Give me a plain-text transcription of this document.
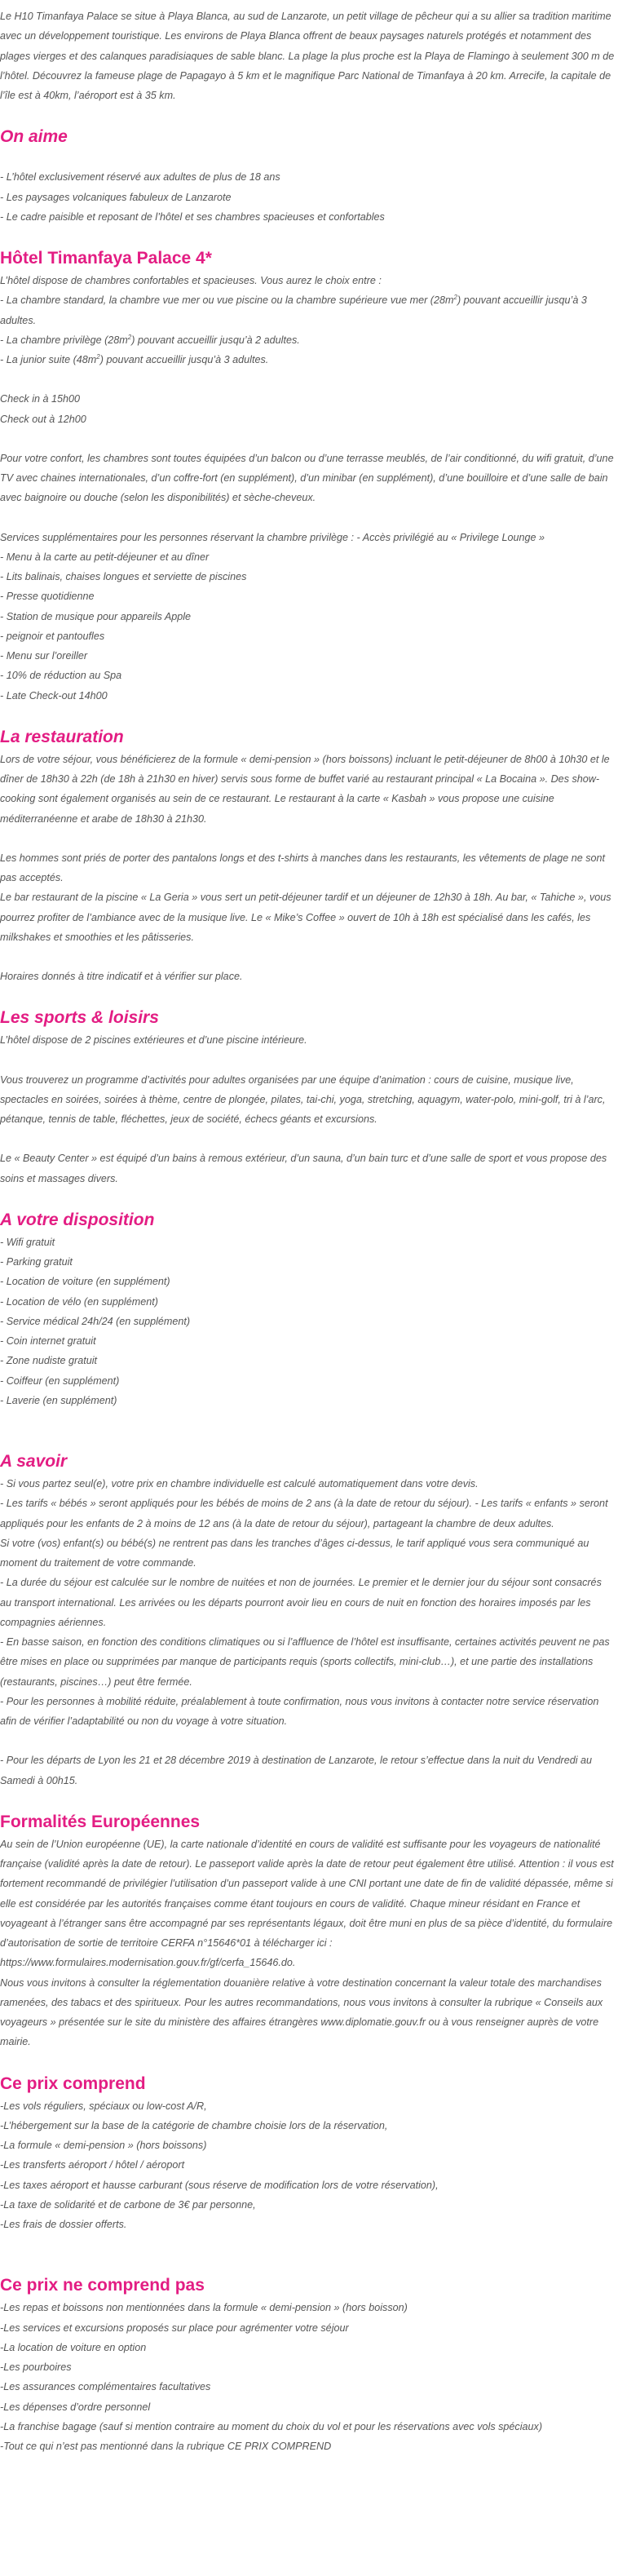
Le H10 Timanfaya Palace se situe à Playa Blanca, au sud de Lanzarote, un petit village de pêcheur qui a su allier sa tradition maritime avec un développement touristique. Les environs de Playa Blanca offrent de beaux paysages naturels protégés et notamment des plages vierges et des calanques paradisiaques de sable blanc. La plage la plus proche est la Playa de Flamingo à seulement 300 m de l’hôtel. Découvrez la fameuse plage de Papagayo à 5 km et le magnifique Parc National de Timanfaya à 20 km. Arrecife, la capitale de l’île est à 40km, l’aéroport est à 35 km.

On aime

- L’hôtel exclusivement réservé aux adultes de plus de 18 ans
- Les paysages volcaniques fabuleux de Lanzarote
- Le cadre paisible et reposant de l’hôtel et ses chambres spacieuses et confortables

Hôtel Timanfaya Palace 4*

L’hôtel dispose de chambres confortables et spacieuses. Vous aurez le choix entre :

- La chambre standard, la chambre vue mer ou vue piscine ou la chambre supérieure vue mer $(28m^2)$ pouvant accueillir jusqu’à 3 adultes.

- La chambre privilège $(28m^2)$ pouvant accueillir jusqu’à 2 adultes.

- La junior suite $(48m^2)$ pouvant accueillir jusqu’à 3 adultes.

Check in à 15h00
Check out à 12h00

Pour votre confort, les chambres sont toutes équipées d’un balcon ou d’une terrasse meublés, de l’air conditionné, du wifi gratuit, d’une TV avec chaines internationales, d’un coffre-fort (en supplément), d’un minibar (en supplément), d’une bouilloire et d’une salle de bain avec baignoire ou douche (selon les disponibilités) et sèche-cheveux.

Services supplémentaires pour les personnes réservant la chambre privilège : - Accès privilégié au « Privilege Lounge »
- Menu à la carte au petit-déjeuner et au dîner
- Lits balinais, chaises longues et serviette de piscines
- Presse quotidienne
- Station de musique pour appareils Apple
- peignoir et pantoufles
- Menu sur l’oreiller
- 10% de réduction au Spa
- Late Check-out 14h00

La restauration

Lors de votre séjour, vous bénéficierez de la formule « demi-pension » (hors boissons) incluant le petit-déjeuner de 8h00 à 10h30 et le dîner de 18h30 à 22h (de 18h à 21h30 en hiver) servis sous forme de buffet varié au restaurant principal « La Bocaina ». Des show-cooking sont également organisés au sein de ce restaurant. Le restaurant à la carte « Kasbah » vous propose une cuisine méditerranéenne et arabe de 18h30 à 21h30.

Les hommes sont priés de porter des pantalons longs et des t-shirts à manches dans les restaurants, les vêtements de plage ne sont pas acceptés.
Le bar restaurant de la piscine « La Geria » vous sert un petit-déjeuner tardif et un déjeuner de 12h30 à 18h. Au bar, « Tahiche », vous pourrez profiter de l’ambiance avec de la musique live. Le « Mike’s Coffee » ouvert de 10h à 18h est spécialisé dans les cafés, les milkshakes et smoothies et les pâtisseries.

Horaires donnés à titre indicatif et à vérifier sur place.

Les sports & loisirs

L’hôtel dispose de 2 piscines extérieures et d’une piscine intérieure.

Vous trouverez un programme d’activités pour adultes organisées par une équipe d’animation : cours de cuisine, musique live, spectacles en soirées, soirées à thème, centre de plongée, pilates, tai-chi, yoga, stretching, aquagym, water-polo, mini-golf, tri à l’arc, pétanque, tennis de table, fléchettes, jeux de société, échecs géants et excursions.

Le « Beauty Center » est équipé d’un bains à remous extérieur, d’un sauna, d’un bain turc et d’une salle de sport et vous propose des soins et massages divers.

A votre disposition

- Wifi gratuit
- Parking gratuit
- Location de voiture (en supplément)
- Location de vélo (en supplément)
- Service médical 24h/24 (en supplément)
- Coin internet gratuit
- Zone nudiste gratuit
- Coiffeur (en supplément)
- Laverie (en supplément)

A savoir

- Si vous partez seul(e), votre prix en chambre individuelle est calculé automatiquement dans votre devis.
- Les tarifs « bébés » seront appliqués pour les bébés de moins de 2 ans (à la date de retour du séjour). - Les tarifs « enfants » seront appliqués pour les enfants de 2 à moins de 12 ans (à la date de retour du séjour), partageant la chambre de deux adultes.
Si votre (vos) enfant(s) ou bébé(s) ne rentrent pas dans les tranches d’âges ci-dessus, le tarif appliqué vous sera communiqué au moment du traitement de votre commande.
- La durée du séjour est calculée sur le nombre de nuitées et non de journées. Le premier et le dernier jour du séjour sont consacrés au transport international. Les arrivées ou les départs pourront avoir lieu en cours de nuit en fonction des horaires imposés par les compagnies aériennes.
- En basse saison, en fonction des conditions climatiques ou si l’affluence de l’hôtel est insuffisante, certaines activités peuvent ne pas être mises en place ou supprimées par manque de participants requis (sports collectifs, mini-club…), et une partie des installations (restaurants, piscines…) peut être fermée.
- Pour les personnes à mobilité réduite, préalablement à toute confirmation, nous vous invitons à contacter notre service réservation afin de vérifier l’adaptabilité ou non du voyage à votre situation.

- Pour les départs de Lyon les 21 et 28 décembre 2019 à destination de Lanzarote, le retour s’effectue dans la nuit du Vendredi au Samedi à 00h15.

Formalités Européennes

Au sein de l’Union européenne (UE), la carte nationale d’identité en cours de validité est suffisante pour les voyageurs de nationalité française (validité après la date de retour). Le passeport valide après la date de retour peut également être utilisé. Attention : il vous est fortement recommandé de privilégier l’utilisation d’un passeport valide à une CNI portant une date de fin de validité dépassée, même si elle est considérée par les autorités françaises comme étant toujours en cours de validité. Chaque mineur résidant en France et voyageant à l’étranger sans être accompagné par ses représentants légaux, doit être muni en plus de sa pièce d’identité, du formulaire d’autorisation de sortie de territoire CERFA n°15646*01 à télécharger ici : https://www.formulaires.modernisation.gouv.fr/gf/cerfa_15646.do.
Nous vous invitons à consulter la réglementation douanière relative à votre destination concernant la valeur totale des marchandises ramenées, des tabacs et des spiritueux. Pour les autres recommandations, nous vous invitons à consulter la rubrique « Conseils aux voyageurs » présentée sur le site du ministère des affaires étrangères www.diplomatie.gouv.fr ou à vous renseigner auprès de votre mairie.

Ce prix comprend

-Les vols réguliers, spéciaux ou low-cost A/R,
-L’hébergement sur la base de la catégorie de chambre choisie lors de la réservation,
-La formule « demi-pension » (hors boissons)
-Les transferts aéroport / hôtel / aéroport
-Les taxes aéroport et hausse carburant (sous réserve de modification lors de votre réservation),
-La taxe de solidarité et de carbone de 3€ par personne,
-Les frais de dossier offerts.

Ce prix ne comprend pas

-Les repas et boissons non mentionnées dans la formule « demi-pension » (hors boisson)
-Les services et excursions proposés sur place pour agrémenter votre séjour
-La location de voiture en option
-Les pourboires
-Les assurances complémentaires facultatives
-Les dépenses d’ordre personnel
-La franchise bagage (sauf si mention contraire au moment du choix du vol et pour les réservations avec vols spéciaux)
-Tout ce qui n’est pas mentionné dans la rubrique CE PRIX COMPREND
